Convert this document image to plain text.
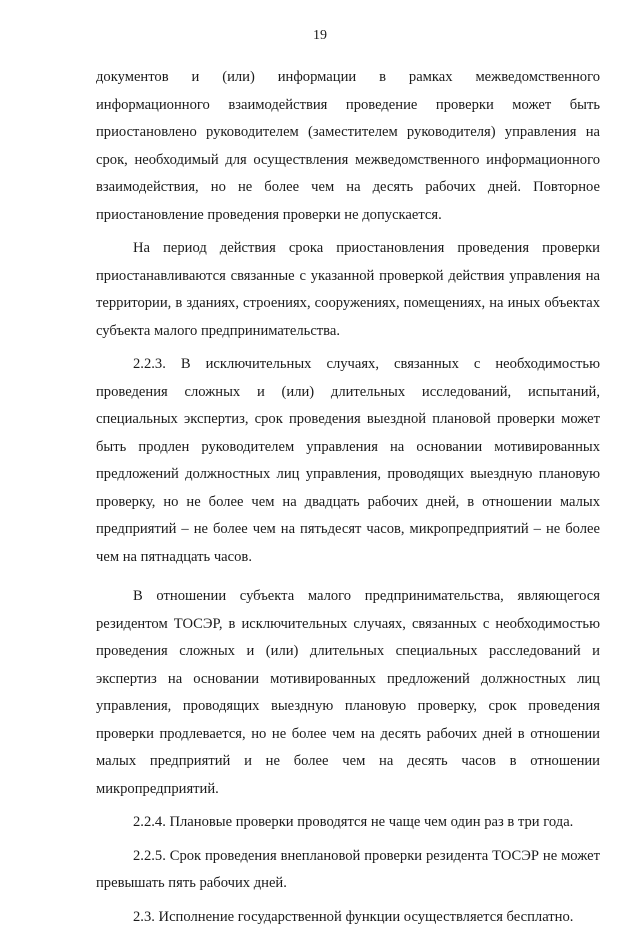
19

документов и (или) информации в рамках межведомственного информационного взаимодействия проведение проверки может быть приостановлено руководителем (заместителем руководителя) управления на срок, необходимый для осуществления межведомственного информационного взаимодействия, но не более чем на десять рабочих дней. Повторное приостановление проведения проверки не допускается.

На период действия срока приостановления проведения проверки приостанавливаются связанные с указанной проверкой действия управления на территории, в зданиях, строениях, сооружениях, помещениях, на иных объектах субъекта малого предпринимательства.

2.2.3. В исключительных случаях, связанных с необходимостью проведения сложных и (или) длительных исследований, испытаний, специальных экспертиз, срок проведения выездной плановой проверки может быть продлен руководителем управления на основании мотивированных предложений должностных лиц управления, проводящих выездную плановую проверку, но не более чем на двадцать рабочих дней, в отношении малых предприятий – не более чем на пятьдесят часов, микропредприятий – не более чем на пятнадцать часов.

В отношении субъекта малого предпринимательства, являющегося резидентом ТОСЭР, в исключительных случаях, связанных с необходимостью проведения сложных и (или) длительных специальных расследований и экспертиз на основании мотивированных предложений должностных лиц управления, проводящих выездную плановую проверку, срок проведения проверки продлевается, но не более чем на десять рабочих дней в отношении малых предприятий и не более чем на десять часов в отношении микропредприятий.

2.2.4. Плановые проверки проводятся не чаще чем один раз в три года.

2.2.5. Срок проведения внеплановой проверки резидента ТОСЭР не может превышать пять рабочих дней.

2.3. Исполнение государственной функции осуществляется бесплатно.
